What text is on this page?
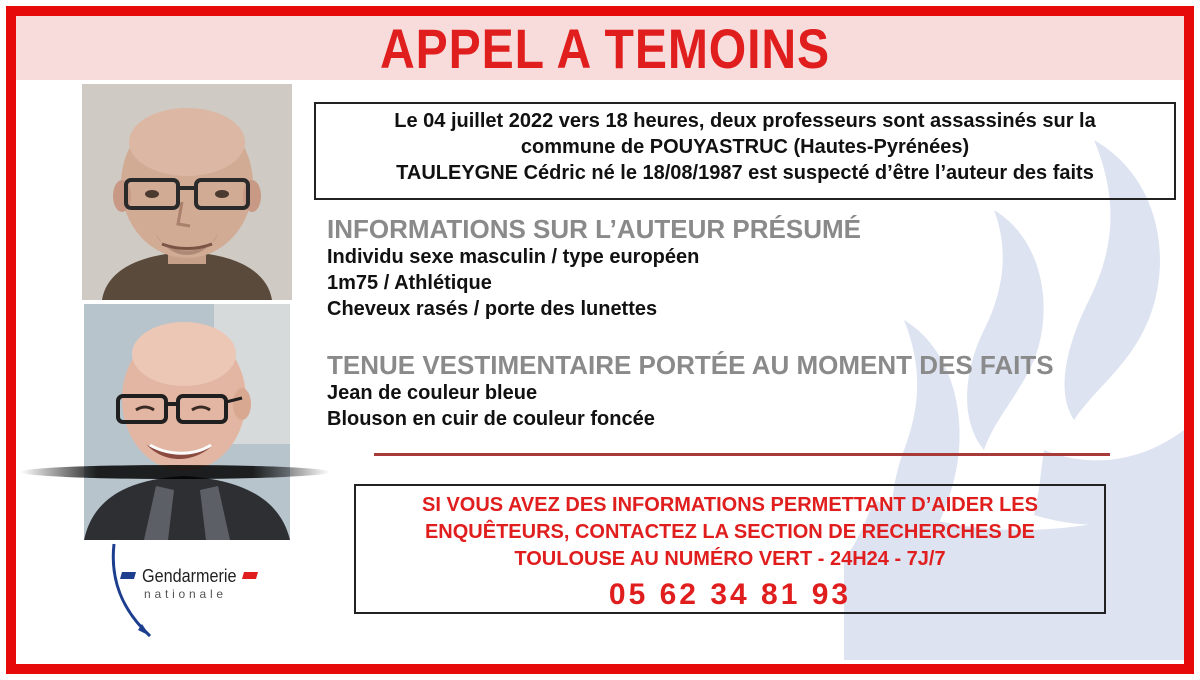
APPEL A TEMOINS
Gendarmerie
nationale
Le 04 juillet 2022 vers 18 heures, deux professeurs sont assassinés sur la
commune de POUYASTRUC (Hautes-Pyrénées)
TAULEYGNE Cédric né le 18/08/1987 est suspecté d’être l’auteur des faits
INFORMATIONS SUR L’AUTEUR PRÉSUMÉ
Individu sexe masculin / type européen
1m75 / Athlétique
Cheveux rasés / porte des lunettes
TENUE VESTIMENTAIRE PORTÉE AU MOMENT DES FAITS
Jean de couleur bleue
Blouson en cuir de couleur foncée
SI VOUS AVEZ DES INFORMATIONS PERMETTANT D’AIDER LES
ENQUÊTEURS, CONTACTEZ LA SECTION DE RECHERCHES DE
TOULOUSE AU NUMÉRO VERT - 24H24 - 7J/7
05 62 34 81 93
